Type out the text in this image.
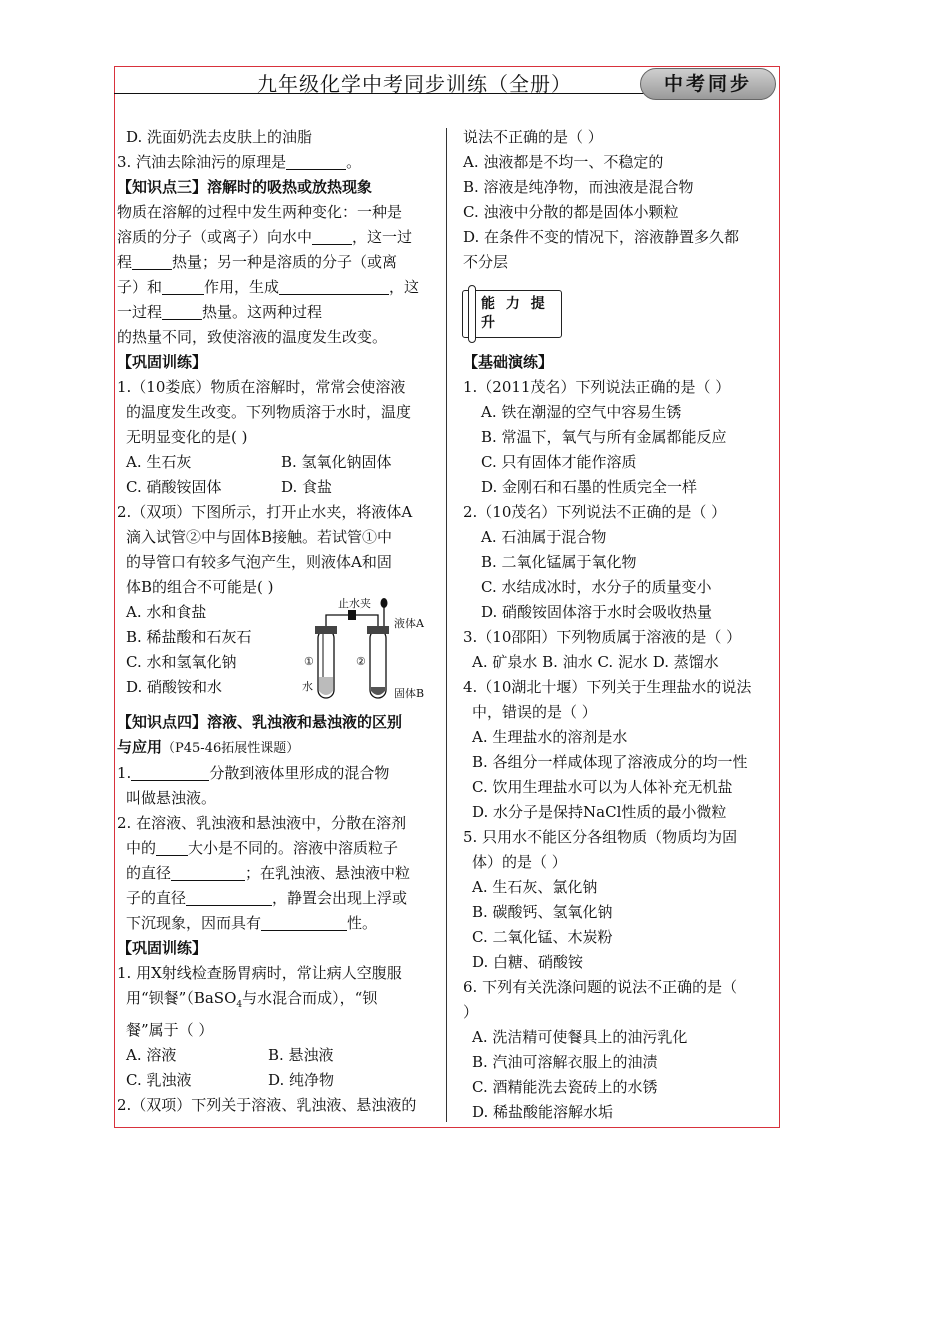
九年级化学中考同步训练（全册）	中考同步

D. 洗面奶洗去皮肤上的油脂

3. 汽油去除油污的原理是	。

【知识点三】溶解时的吸热或放热现象

物质在溶解的过程中发生两种变化：一种是

溶质的分子（或离子）向水中	，这一过

程	热量；另一种是溶质的分子（或离

子）和	作用，生成	，这

一过程	热量。这两种过程

的热量不同，致使溶液的温度发生改变。

【巩固训练】

1.（10娄底）物质在溶解时，常常会使溶液

的温度发生改变。下列物质溶于水时，温度

无明显变化的是( )

A. 生石灰	B. 氢氧化钠固体

C. 硝酸铵固体	D. 食盐

2.（双项）下图所示，打开止水夹，将液体A

滴入试管②中与固体B接触。若试管①中

的导管口有较多气泡产生，则液体A和固

体B的组合不可能是( )

A. 水和食盐

B. 稀盐酸和石灰石

C. 水和氢氧化钠

D. 硝酸铵和水

【知识点四】溶液、乳浊液和悬浊液的区别

与应用（P45-46拓展性课题）

1.	分散到液体里形成的混合物

叫做悬浊液。

2. 在溶液、乳浊液和悬浊液中，分散在溶剂

中的 大小是不同的。溶液中溶质粒子

的直径	；在乳浊液、悬浊液中粒

子的直径	，静置会出现上浮或

下沉现象，因而具有	性。

【巩固训练】

1. 用X射线检查肠胃病时，常让病人空腹服

用“钡餐”（BaSO$_4$与水混合而成），“钡

餐”属于（ ）

A. 溶液	B. 悬浊液

C. 乳浊液	D. 纯净物

2.（双项）下列关于溶液、乳浊液、悬浊液的

止水夹
液体A
①	②
水
固体B

说法不正确的是（ ）

A. 浊液都是不均一、不稳定的

B. 溶液是纯净物，而浊液是混合物

C. 浊液中分散的都是固体小颗粒

D. 在条件不变的情况下，溶液静置多久都

不分层

【基础演练】

1.（2011茂名）下列说法正确的是（ ）

A. 铁在潮湿的空气中容易生锈

B. 常温下，氧气与所有金属都能反应

C. 只有固体才能作溶质

D. 金刚石和石墨的性质完全一样

2.（10茂名）下列说法不正确的是（ ）

A. 石油属于混合物

B. 二氧化锰属于氧化物

C. 水结成冰时，水分子的质量变小

D. 硝酸铵固体溶于水时会吸收热量

3.（10邵阳）下列物质属于溶液的是（ ）

A. 矿泉水 B. 油水 C. 泥水 D. 蒸馏水

4.（10湖北十堰）下列关于生理盐水的说法

中，错误的是（ ）

A. 生理盐水的溶剂是水

B. 各组分一样咸体现了溶液成分的均一性

C. 饮用生理盐水可以为人体补充无机盐

D. 水分子是保持NaCl性质的最小微粒

5. 只用水不能区分各组物质（物质均为固

体）的是（ ）

A. 生石灰、氯化钠

B. 碳酸钙、氢氧化钠

C. 二氧化锰、木炭粉

D. 白糖、硝酸铵

6. 下列有关洗涤问题的说法不正确的是（

）

A. 洗洁精可使餐具上的油污乳化

B. 汽油可溶解衣服上的油渍

C. 酒精能洗去瓷砖上的水锈

D. 稀盐酸能溶解水垢

能 力 提 升
